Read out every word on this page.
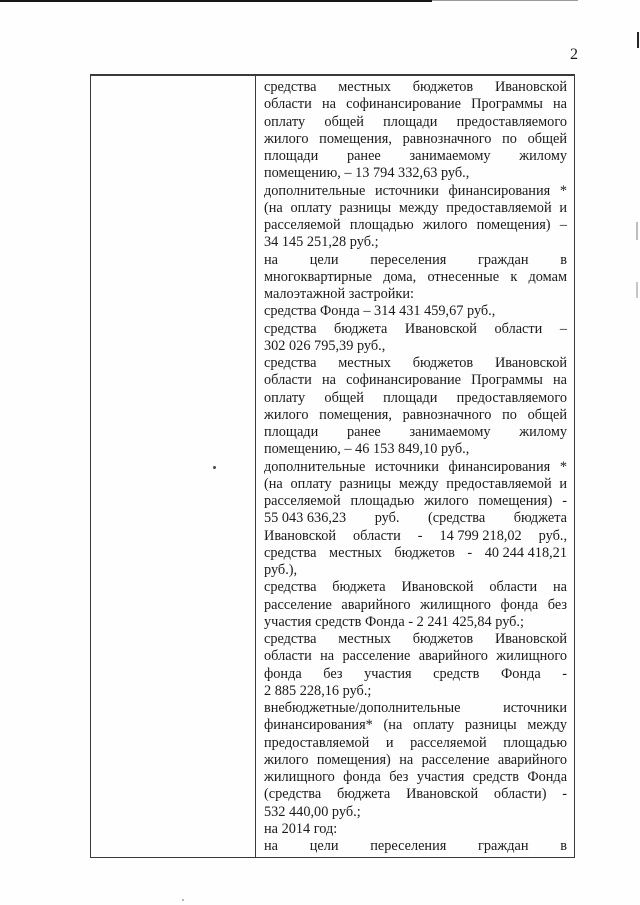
2
средства местных бюджетов Ивановской
области на софинансирование Программы на
оплату общей площади предоставляемого
жилого помещения, равнозначного по общей
площади ранее занимаемому жилому
помещению, – 13 794 332,63 руб.,
дополнительные источники финансирования *
(на оплату разницы между предоставляемой и
расселяемой площадью жилого помещения) –
34 145 251,28 руб.;
на цели переселения граждан в
многоквартирные дома, отнесенные к домам
малоэтажной застройки:
средства Фонда – 314 431 459,67 руб.,
средства бюджета Ивановской области –
302 026 795,39 руб.,
средства местных бюджетов Ивановской
области на софинансирование Программы на
оплату общей площади предоставляемого
жилого помещения, равнозначного по общей
площади ранее занимаемому жилому
помещению, – 46 153 849,10 руб.,
дополнительные источники финансирования *
(на оплату разницы между предоставляемой и
расселяемой площадью жилого помещения) -
55 043 636,23 руб. (средства бюджета
Ивановской области - 14 799 218,02 руб.,
средства местных бюджетов - 40 244 418,21
руб.),
средства бюджета Ивановской области на
расселение аварийного жилищного фонда без
участия средств Фонда - 2 241 425,84 руб.;
средства местных бюджетов Ивановской
области на расселение аварийного жилищного
фонда без участия средств Фонда -
2 885 228,16 руб.;
внебюджетные/дополнительные	источники
финансирования* (на оплату разницы между
предоставляемой и расселяемой площадью
жилого помещения) на расселение аварийного
жилищного фонда без участия средств Фонда
(средства бюджета Ивановской области) -
532 440,00 руб.;
на 2014 год:
на цели переселения граждан в
